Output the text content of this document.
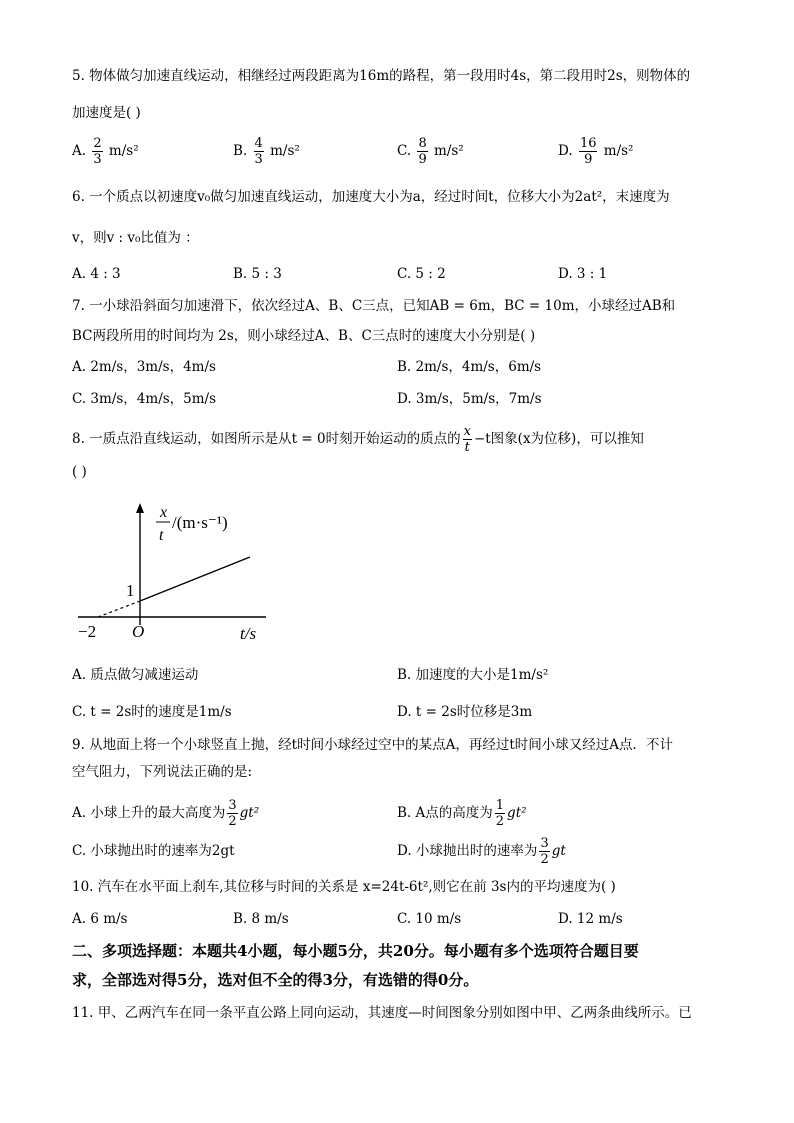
5. 物体做匀加速直线运动，相继经过两段距离为16m的路程，第一段用时4s，第二段用时2s，则物体的
加速度是( )
A. $\frac{2}{3} m/s^2$	B. $\frac{4}{3} m/s^2$	C. $\frac{8}{9} m/s^2$	D. $\frac{16}{9} m/s^2$
6. 一个质点以初速度v₀做匀加速直线运动，加速度大小为a，经过时间t，位移大小为2at²，末速度为
v，则v : v₀比值为 ：
A. 4 : 3	B. 5 : 3	C. 5 : 2	D. 3 : 1
7. 一小球沿斜面匀加速滑下，依次经过A、B、C三点，已知AB = 6m，BC = 10m，小球经过AB和
BC两段所用的时间均为 2s，则小球经过A、B、C三点时的速度大小分别是( )
A. 2m/s，3m/s，4m/s	B. 2m/s，4m/s，6m/s
C. 3m/s，4m/s，5m/s	D. 3m/s，5m/s，7m/s
8. 一质点沿直线运动，如图所示是从t = 0时刻开始运动的质点的 $\frac{x}{t} -t$图象(x为位移)，可以推知
( )
x
t
/(m·s⁻¹)
1
−2 O	t/s
A. 质点做匀减速运动	B. 加速度的大小是1m/s²
C. t = 2s时的速度是1m/s	D. t = 2s时位移是3m
9. 从地面上将一个小球竖直上抛，经t时间小球经过空中的某点A，再经过t时间小球又经过A点．不计
空气阻力，下列说法正确的是:
A. 小球上升的最大高度为 $\frac{3}{2} gt^2$	B. A点的高度为 $\frac{1}{2} gt^2$
C. 小球抛出时的速率为2gt	D. 小球抛出时的速率为 $\frac{3}{2}$ gt
10. 汽车在水平面上刹车,其位移与时间的关系是 x=24t-6t²,则它在前 3s内的平均速度为( )
A. 6 m/s	B. 8 m/s	C. 10 m/s	D. 12 m/s
二、多项选择题：本题共4小题，每小题5分，共20分。每小题有多个选项符合题目要
求，全部选对得5分，选对但不全的得3分，有选错的得0分。
11. 甲、乙两汽车在同一条平直公路上同向运动，其速度—时间图象分别如图中甲、乙两条曲线所示。已
